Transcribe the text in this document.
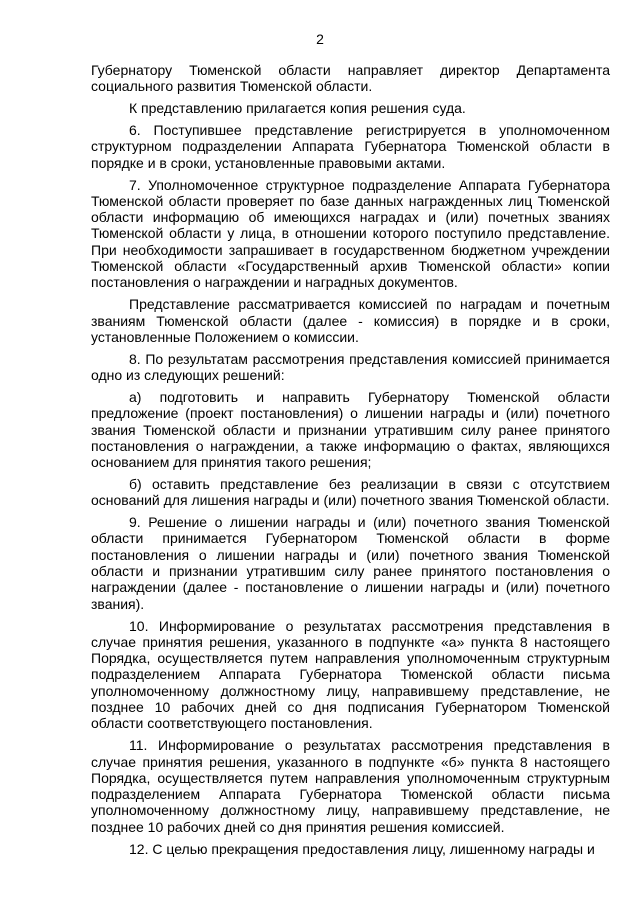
2

Губернатору Тюменской области направляет директор Департамента социального развития Тюменской области.

К представлению прилагается копия решения суда.

6. Поступившее представление регистрируется в уполномоченном структурном подразделении Аппарата Губернатора Тюменской области в порядке и в сроки, установленные правовыми актами.

7. Уполномоченное структурное подразделение Аппарата Губернатора Тюменской области проверяет по базе данных награжденных лиц Тюменской области информацию об имеющихся наградах и (или) почетных званиях Тюменской области у лица, в отношении которого поступило представление. При необходимости запрашивает в государственном бюджетном учреждении Тюменской области «Государственный архив Тюменской области» копии постановления о награждении и наградных документов.

Представление рассматривается комиссией по наградам и почетным званиям Тюменской области (далее - комиссия) в порядке и в сроки, установленные Положением о комиссии.

8. По результатам рассмотрения представления комиссией принимается одно из следующих решений:

а) подготовить и направить Губернатору Тюменской области предложение (проект постановления) о лишении награды и (или) почетного звания Тюменской области и признании утратившим силу ранее принятого постановления о награждении, а также информацию о фактах, являющихся основанием для принятия такого решения;

б) оставить представление без реализации в связи с отсутствием оснований для лишения награды и (или) почетного звания Тюменской области.

9. Решение о лишении награды и (или) почетного звания Тюменской области принимается Губернатором Тюменской области в форме постановления о лишении награды и (или) почетного звания Тюменской области и признании утратившим силу ранее принятого постановления о награждении (далее - постановление о лишении награды и (или) почетного звания).

10. Информирование о результатах рассмотрения представления в случае принятия решения, указанного в подпункте «а» пункта 8 настоящего Порядка, осуществляется путем направления уполномоченным структурным подразделением Аппарата Губернатора Тюменской области письма уполномоченному должностному лицу, направившему представление, не позднее 10 рабочих дней со дня подписания Губернатором Тюменской области соответствующего постановления.

11. Информирование о результатах рассмотрения представления в случае принятия решения, указанного в подпункте «б» пункта 8 настоящего Порядка, осуществляется путем направления уполномоченным структурным подразделением Аппарата Губернатора Тюменской области письма уполномоченному должностному лицу, направившему представление, не позднее 10 рабочих дней со дня принятия решения комиссией.

12. С целью прекращения предоставления лицу, лишенному награды и
